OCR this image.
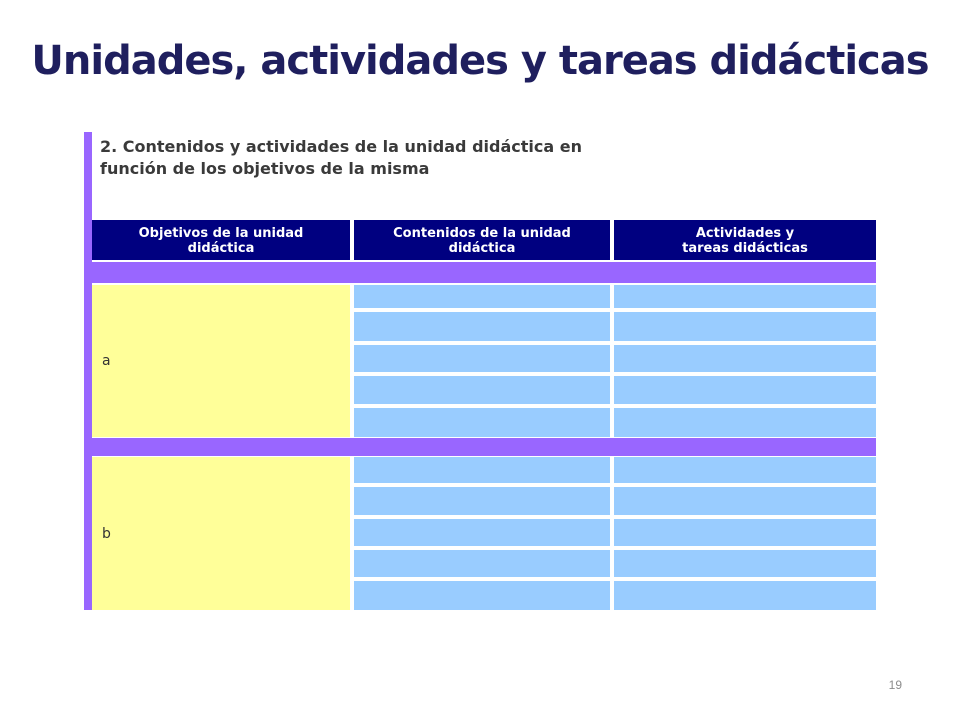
Unidades, actividades y tareas didácticas
2. Contenidos y actividades de la unidad didáctica en
función de los objetivos de la misma
Objetivos de la unidad
didáctica
Contenidos de la unidad
didáctica
Actividades y
tareas didácticas
a
b
19
